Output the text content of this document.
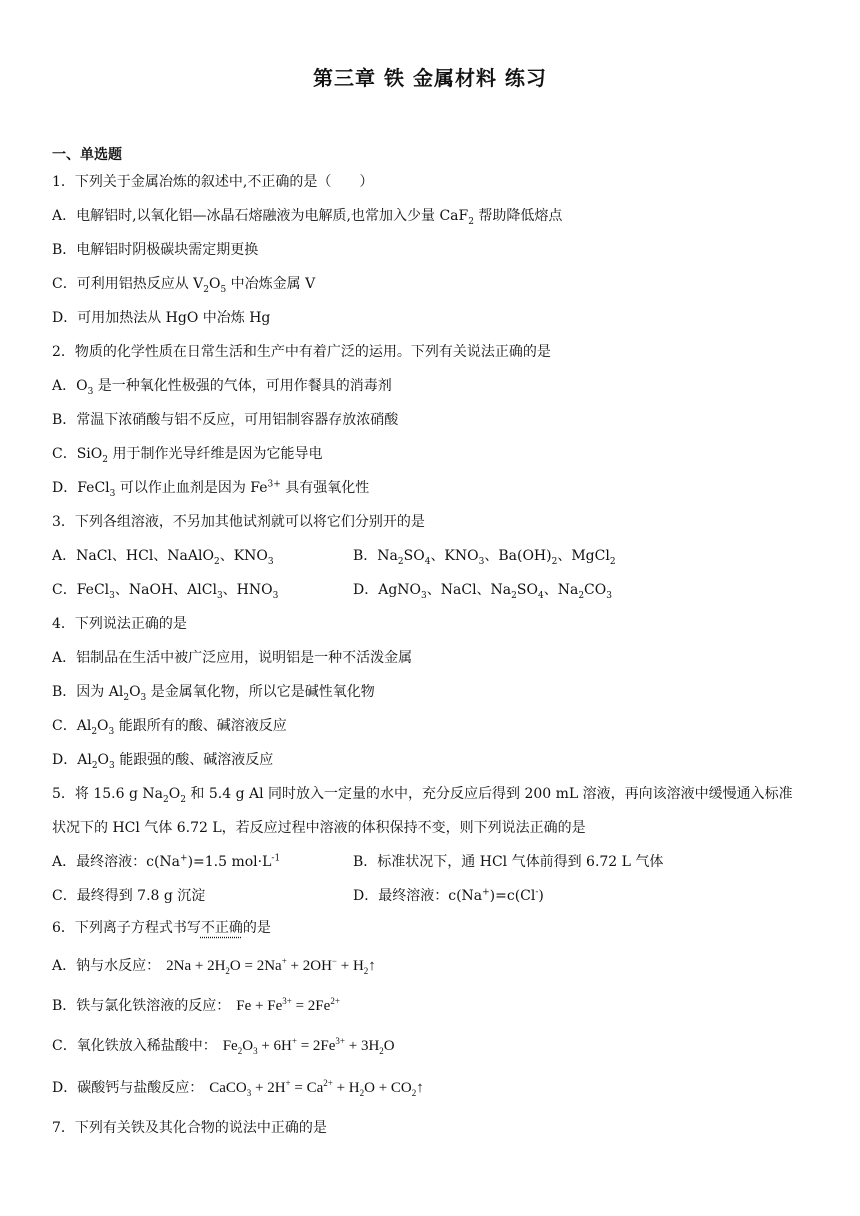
第三章 铁 金属材料 练习
一、单选题
1．下列关于金属冶炼的叙述中,不正确的是（　　）
A．电解铝时,以氧化铝—冰晶石熔融液为电解质,也常加入少量 CaF$_2$ 帮助降低熔点
B．电解铝时阴极碳块需定期更换
C．可利用铝热反应从 $V_2O_5$ 中冶炼金属 V
D．可用加热法从 HgO 中冶炼 Hg
2．物质的化学性质在日常生活和生产中有着广泛的运用。下列有关说法正确的是
A．$O_3$ 是一种氧化性极强的气体，可用作餐具的消毒剂
B．常温下浓硝酸与铝不反应，可用铝制容器存放浓硝酸
C．SiO$_2$ 用于制作光导纤维是因为它能导电
D．FeCl$_3$ 可以作止血剂是因为 $Fe^{3+}$ 具有强氧化性
3．下列各组溶液，不另加其他试剂就可以将它们分别开的是
A．NaCl、HCl、NaAlO$_2$、$KNO_3$	B．$Na_2SO_4$、$KNO_3$、$Ba(OH)_2$、MgCl$_2$
C．FeCl$_3$、NaOH、AlCl$_3$、$HNO_3$	D．AgNO$_3$、NaCl、$Na_2SO_4$、$Na_2CO_3$
4．下列说法正确的是
A．铝制品在生活中被广泛应用，说明铝是一种不活泼金属
B．因为 $Al_2O_3$ 是金属氧化物，所以它是碱性氧化物
C．$Al_2O_3$ 能跟所有的酸、碱溶液反应
D．$Al_2O_3$ 能跟强的酸、碱溶液反应
5．将 15.6 g $Na_2O_2$ 和 5.4 g Al 同时放入一定量的水中，充分反应后得到 200 mL 溶液，再向该溶液中缓慢通入标准
状况下的 HCl 气体 6.72 L，若反应过程中溶液的体积保持不变，则下列说法正确的是
A．最终溶液：c(Na+)=1.5 $mol\cdot L^{-1}$	B．标准状况下，通 HCl 气体前得到 6.72 L 气体
C．最终得到 7.8 g 沉淀	D．最终溶液：c(Na+)=c(Cl-)
6．下列离子方程式书写不正确的是
A．钠与水反应： $2Na + 2H_2O = 2Na^+ + 2OH^-$ + $H_2↑$
B．铁与氯化铁溶液的反应： $Fe + Fe^{3+} = 2Fe^{2+}$
C．氧化铁放入稀盐酸中： $Fe_2O_3 + 6H^+ = 2Fe^{3+} + 3H_2O$
D．碳酸钙与盐酸反应： CaCO$_3$ + $2H^+ = Ca^{2+} + H_2O$ + $CO_2↑$
7．下列有关铁及其化合物的说法中正确的是
